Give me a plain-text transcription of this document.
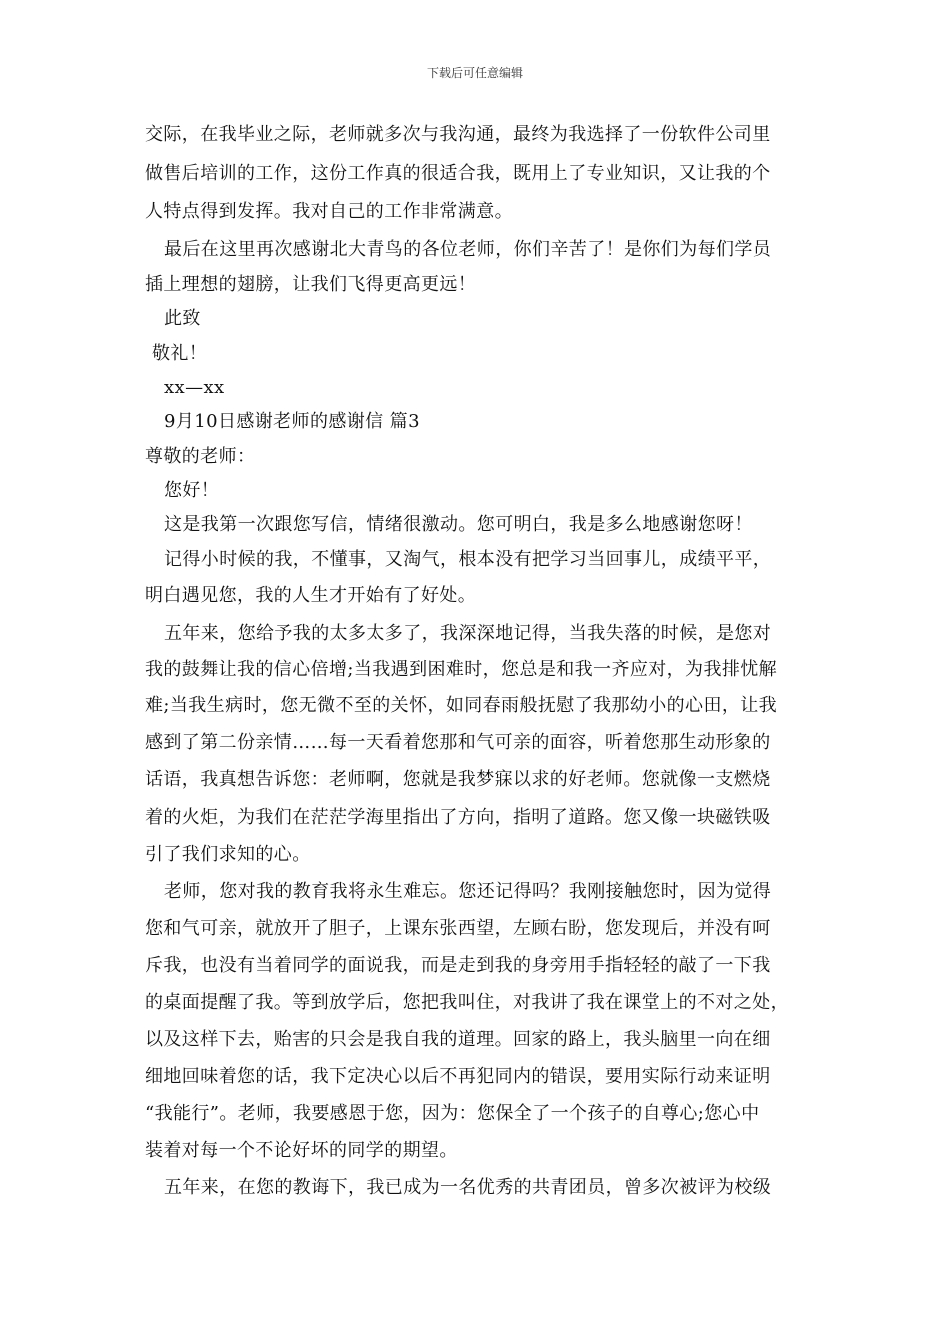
下载后可任意编辑
交际，在我毕业之际，老师就多次与我沟通，最终为我选择了一份软件公司里
做售后培训的工作，这份工作真的很适合我，既用上了专业知识，又让我的个
人特点得到发挥。我对自己的工作非常满意。
最后在这里再次感谢北大青鸟的各位老师，你们辛苦了！是你们为每们学员
插上理想的翅膀，让我们飞得更高更远！
此致
敬礼！
xx—xx
9月10日感谢老师的感谢信 篇3
尊敬的老师：
您好！
这是我第一次跟您写信，情绪很激动。您可明白，我是多么地感谢您呀！
记得小时候的我，不懂事，又淘气，根本没有把学习当回事儿，成绩平平，
明白遇见您，我的人生才开始有了好处。
五年来，您给予我的太多太多了，我深深地记得，当我失落的时候，是您对
我的鼓舞让我的信心倍增;当我遇到困难时，您总是和我一齐应对，为我排忧解
难;当我生病时，您无微不至的关怀，如同春雨般抚慰了我那幼小的心田，让我
感到了第二份亲情……每一天看着您那和气可亲的面容，听着您那生动形象的
话语，我真想告诉您：老师啊，您就是我梦寐以求的好老师。您就像一支燃烧
着的火炬，为我们在茫茫学海里指出了方向，指明了道路。您又像一块磁铁吸
引了我们求知的心。
老师，您对我的教育我将永生难忘。您还记得吗？我刚接触您时，因为觉得
您和气可亲，就放开了胆子，上课东张西望，左顾右盼，您发现后，并没有呵
斥我，也没有当着同学的面说我，而是走到我的身旁用手指轻轻的敲了一下我
的桌面提醒了我。等到放学后，您把我叫住，对我讲了我在课堂上的不对之处，
以及这样下去，贻害的只会是我自我的道理。回家的路上，我头脑里一向在细
细地回味着您的话，我下定决心以后不再犯同内的错误，要用实际行动来证明
“我能行”。老师，我要感恩于您，因为：您保全了一个孩子的自尊心;您心中
装着对每一个不论好坏的同学的期望。
五年来，在您的教诲下，我已成为一名优秀的共青团员，曾多次被评为校级
